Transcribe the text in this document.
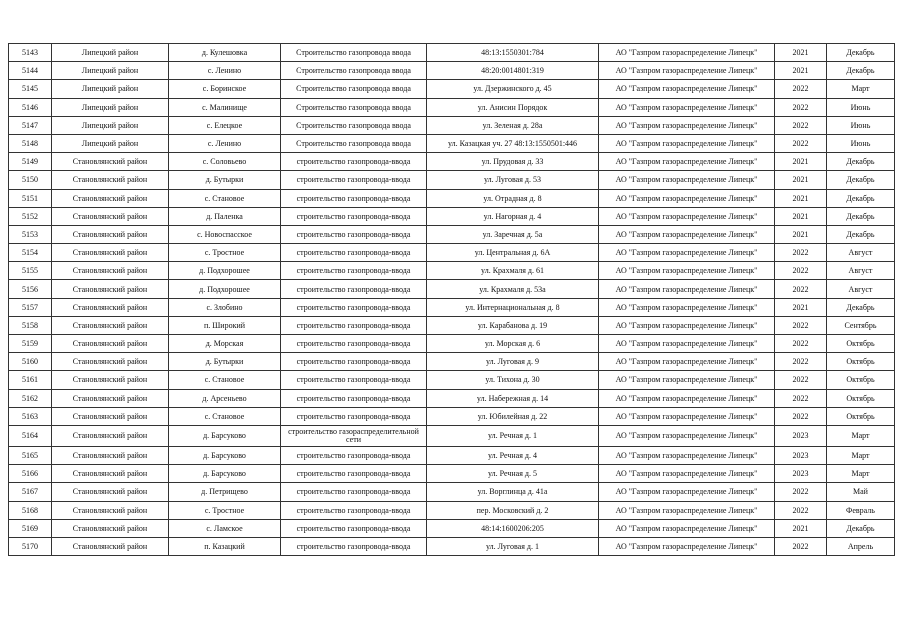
5143	Липецкий район	д. Кулешовка	Строительство газопровода ввода	48:13:1550301:784	АО "Газпром газораспределение Липецк"	2021	Декабрь
5144	Липецкий район	с. Ленино	Строительство газопровода ввода	48:20:0014801:319	АО "Газпром газораспределение Липецк"	2021	Декабрь
5145	Липецкий район	с. Боринское	Строительство газопровода ввода	ул. Дзержинского д. 45	АО "Газпром газораспределение Липецк"	2022	Март
5146	Липецкий район	с. Малинище	Строительство газопровода ввода	ул. Анисин Порядок	АО "Газпром газораспределение Липецк"	2022	Июнь
5147	Липецкий район	с. Елецкое	Строительство газопровода ввода	ул. Зеленая д. 28а	АО "Газпром газораспределение Липецк"	2022	Июнь
5148	Липецкий район	с. Ленино	Строительство газопровода ввода	ул. Казацкая уч. 27 48:13:1550501:446	АО "Газпром газораспределение Липецк"	2022	Июнь
5149	Становлянский район	с. Соловьево	строительство газопровода-ввода	ул. Прудовая д. 33	АО "Газпром газораспределение Липецк"	2021	Декабрь
5150	Становлянский район	д. Бутырки	строительство газопровода-ввода	ул. Луговая д. 53	АО "Газпром газораспределение Липецк"	2021	Декабрь
5151	Становлянский район	с. Становое	строительство газопровода-ввода	ул. Отрадная д. 8	АО "Газпром газораспределение Липецк"	2021	Декабрь
5152	Становлянский район	д. Паленка	строительство газопровода-ввода	ул. Нагорная д. 4	АО "Газпром газораспределение Липецк"	2021	Декабрь
5153	Становлянский район	с. Новоспасское	строительство газопровода-ввода	ул. Заречная д. 5а	АО "Газпром газораспределение Липецк"	2021	Декабрь
5154	Становлянский район	с. Тростное	строительство газопровода-ввода	ул. Центральная д. 6А	АО "Газпром газораспределение Липецк"	2022	Август
5155	Становлянский район	д. Подхорошее	строительство газопровода-ввода	ул. Крахмаля д. 61	АО "Газпром газораспределение Липецк"	2022	Август
5156	Становлянский район	д. Подхорошее	строительство газопровода-ввода	ул. Крахмаля д. 53а	АО "Газпром газораспределение Липецк"	2022	Август
5157	Становлянский район	с. Злобино	строительство газопровода-ввода	ул. Интернациональная д. 8	АО "Газпром газораспределение Липецк"	2021	Декабрь
5158	Становлянский район	п. Широкий	строительство газопровода-ввода	ул. Карабанова д. 19	АО "Газпром газораспределение Липецк"	2022	Сентябрь
5159	Становлянский район	д. Морская	строительство газопровода-ввода	ул. Морская д. 6	АО "Газпром газораспределение Липецк"	2022	Октябрь
5160	Становлянский район	д. Бутырки	строительство газопровода-ввода	ул. Луговая д. 9	АО "Газпром газораспределение Липецк"	2022	Октябрь
5161	Становлянский район	с. Становое	строительство газопровода-ввода	ул. Тихона д. 30	АО "Газпром газораспределение Липецк"	2022	Октябрь
5162	Становлянский район	д. Арсеньево	строительство газопровода-ввода	ул. Набережная д. 14	АО "Газпром газораспределение Липецк"	2022	Октябрь
5163	Становлянский район	с. Становое	строительство газопровода-ввода	ул. Юбилейная д. 22	АО "Газпром газораспределение Липецк"	2022	Октябрь
5164	Становлянский район	д. Барсуково	строительство газораспределительной сети	ул. Речная д. 1	АО "Газпром газораспределение Липецк"	2023	Март
5165	Становлянский район	д. Барсуково	строительство газопровода-ввода	ул. Речная д. 4	АО "Газпром газораспределение Липецк"	2023	Март
5166	Становлянский район	д. Барсуково	строительство газопровода-ввода	ул. Речная д. 5	АО "Газпром газораспределение Липецк"	2023	Март
5167	Становлянский район	д. Петрищево	строительство газопровода-ввода	ул. Ворглинца д. 41а	АО "Газпром газораспределение Липецк"	2022	Май
5168	Становлянский район	с. Тростное	строительство газопровода-ввода	пер. Московский д. 2	АО "Газпром газораспределение Липецк"	2022	Февраль
5169	Становлянский район	с. Ламское	строительство газопровода-ввода	48:14:1600206:205	АО "Газпром газораспределение Липецк"	2021	Декабрь
5170	Становлянский район	п. Казацкий	строительство газопровода-ввода	ул. Луговая д. 1	АО "Газпром газораспределение Липецк"	2022	Апрель
